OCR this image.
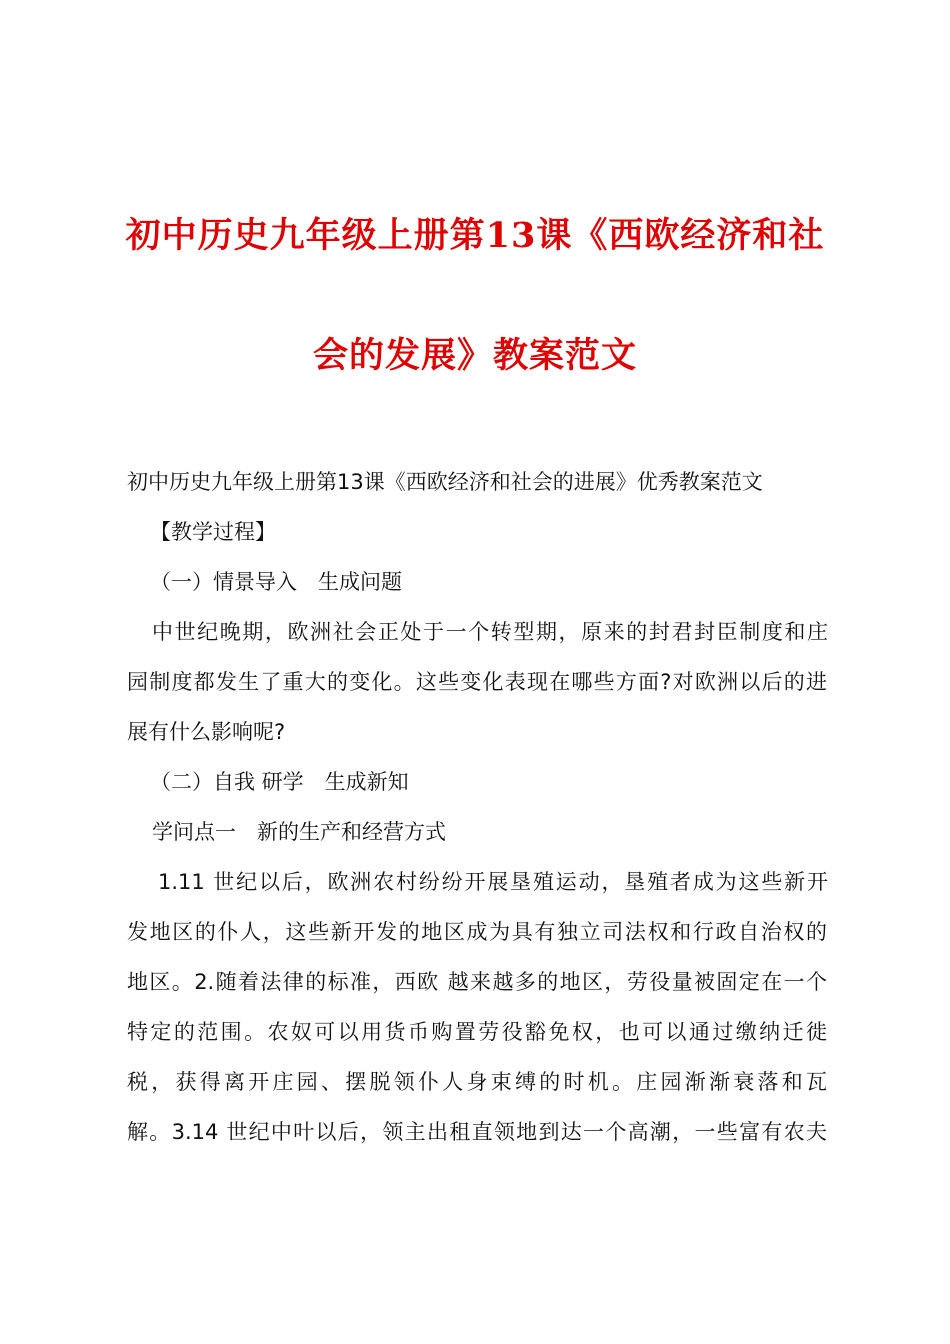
初中历史九年级上册第13课《西欧经济和社
会的发展》教案范文
初中历史九年级上册第13课《西欧经济和社会的进展》优秀教案范文
【教学过程】
（一）情景导入　生成问题
中世纪晚期，欧洲社会正处于一个转型期，原来的封君封臣制度和庄
园制度都发生了重大的变化。这些变化表现在哪些方面?对欧洲以后的进
展有什么影响呢?
（二）自我 研学　生成新知
学问点一　新的生产和经营方式
1.11 世纪以后，欧洲农村纷纷开展垦殖运动，垦殖者成为这些新开
发地区的仆人，这些新开发的地区成为具有独立司法权和行政自治权的
地区。2.随着法律的标准，西欧 越来越多的地区，劳役量被固定在一个
特定的范围。农奴可以用货币购置劳役豁免权，也可以通过缴纳迁徙
税，获得离开庄园、摆脱领仆人身束缚的时机。庄园渐渐衰落和瓦
解。3.14 世纪中叶以后，领主出租直领地到达一个高潮，一些富有农夫
